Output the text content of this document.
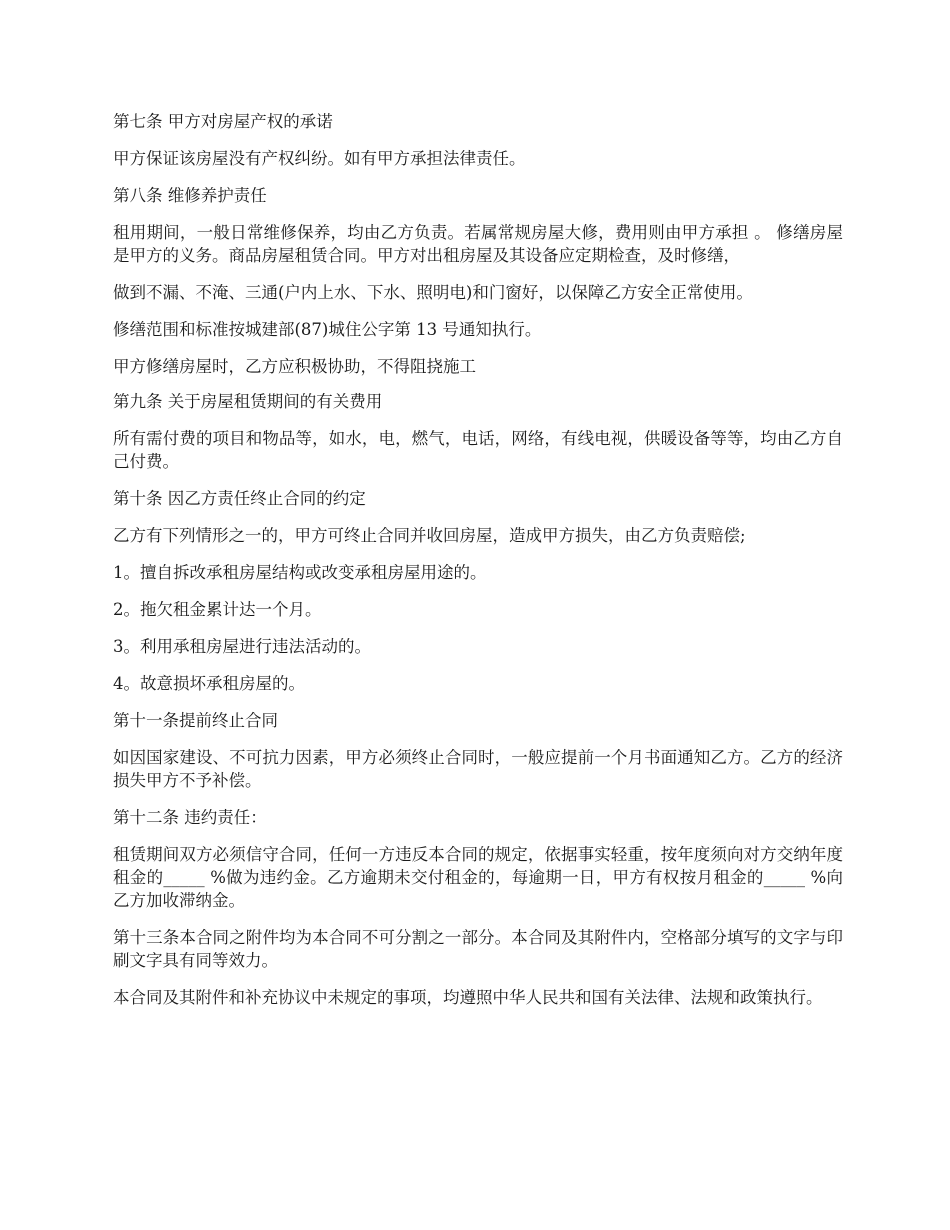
第七条 甲方对房屋产权的承诺

甲方保证该房屋没有产权纠纷。如有甲方承担法律责任。

第八条 维修养护责任

租用期间，一般日常维修保养，均由乙方负责。若属常规房屋大修，费用则由甲方承担 。 修缮房屋是甲方的义务。商品房屋租赁合同。甲方对出租房屋及其设备应定期检查，及时修缮，

做到不漏、不淹、三通(户内上水、下水、照明电)和门窗好，以保障乙方安全正常使用。

修缮范围和标准按城建部(87)城住公字第 13 号通知执行。

甲方修缮房屋时，乙方应积极协助，不得阻挠施工

第九条 关于房屋租赁期间的有关费用

所有需付费的项目和物品等，如水，电，燃气，电话，网络，有线电视，供暖设备等等，均由乙方自己付费。

第十条 因乙方责任终止合同的约定

乙方有下列情形之一的，甲方可终止合同并收回房屋，造成甲方损失，由乙方负责赔偿;

1。擅自拆改承租房屋结构或改变承租房屋用途的。

2。拖欠租金累计达一个月。

3。利用承租房屋进行违法活动的。

4。故意损坏承租房屋的。

第十一条提前终止合同

如因国家建设、不可抗力因素，甲方必须终止合同时，一般应提前一个月书面通知乙方。乙方的经济损失甲方不予补偿。

第十二条 违约责任：

租赁期间双方必须信守合同，任何一方违反本合同的规定，依据事实轻重，按年度须向对方交纳年度租金的_____ %做为违约金。乙方逾期未交付租金的，每逾期一日，甲方有权按月租金的_____ %向乙方加收滞纳金。

第十三条本合同之附件均为本合同不可分割之一部分。本合同及其附件内，空格部分填写的文字与印刷文字具有同等效力。

本合同及其附件和补充协议中未规定的事项，均遵照中华人民共和国有关法律、法规和政策执行。
